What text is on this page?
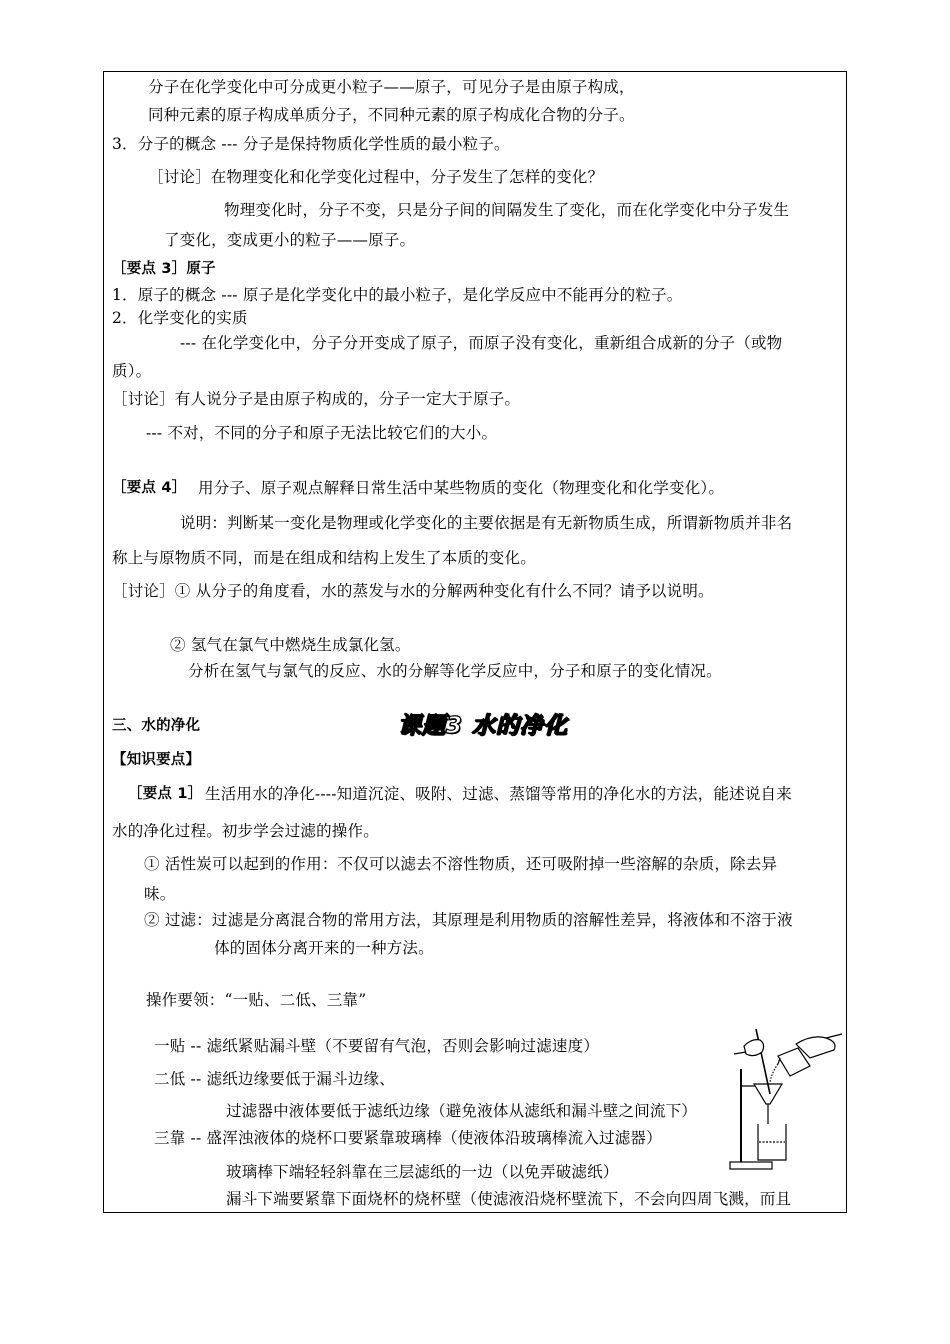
分子在化学变化中可分成更小粒子——原子，可见分子是由原子构成，
同种元素的原子构成单质分子，不同种元素的原子构成化合物的分子。
3．分子的概念 --- 分子是保持物质化学性质的最小粒子。
［讨论］在物理变化和化学变化过程中，分子发生了怎样的变化？
物理变化时，分子不变，只是分子间的间隔发生了变化，而在化学变化中分子发生
了变化，变成更小的粒子——原子。
［要点 3］原子
1．原子的概念 --- 原子是化学变化中的最小粒子，是化学反应中不能再分的粒子。
2．化学变化的实质
--- 在化学变化中，分子分开变成了原子，而原子没有变化，重新组合成新的分子（或物
质）。
［讨论］有人说分子是由原子构成的，分子一定大于原子。
--- 不对，不同的分子和原子无法比较它们的大小。
［要点 4］ 用分子、原子观点解释日常生活中某些物质的变化（物理变化和化学变化）。
说明：判断某一变化是物理或化学变化的主要依据是有无新物质生成，所谓新物质并非名
称上与原物质不同，而是在组成和结构上发生了本质的变化。
［讨论］① 从分子的角度看，水的蒸发与水的分解两种变化有什么不同？请予以说明。
② 氢气在氯气中燃烧生成氯化氢。
分析在氢气与氯气的反应、水的分解等化学反应中，分子和原子的变化情况。
三、水的净化	课题3 水的净化
【知识要点】
［要点 1］ 生活用水的净化----知道沉淀、吸附、过滤、蒸馏等常用的净化水的方法，能述说自来
水的净化过程。初步学会过滤的操作。
① 活性炭可以起到的作用：不仅可以滤去不溶性物质，还可吸附掉一些溶解的杂质，除去异
味。
② 过滤：过滤是分离混合物的常用方法，其原理是利用物质的溶解性差异，将液体和不溶于液
体的固体分离开来的一种方法。
操作要领：“一贴、二低、三靠”
一贴 -- 滤纸紧贴漏斗壁（不要留有气泡，否则会影响过滤速度）
二低 -- 滤纸边缘要低于漏斗边缘、
过滤器中液体要低于滤纸边缘（避免液体从滤纸和漏斗壁之间流下）
三靠 -- 盛浑浊液体的烧杯口要紧靠玻璃棒（使液体沿玻璃棒流入过滤器）
玻璃棒下端轻轻斜靠在三层滤纸的一边（以免弄破滤纸）
漏斗下端要紧靠下面烧杯的烧杯壁（使滤液沿烧杯壁流下，不会向四周飞溅，而且
